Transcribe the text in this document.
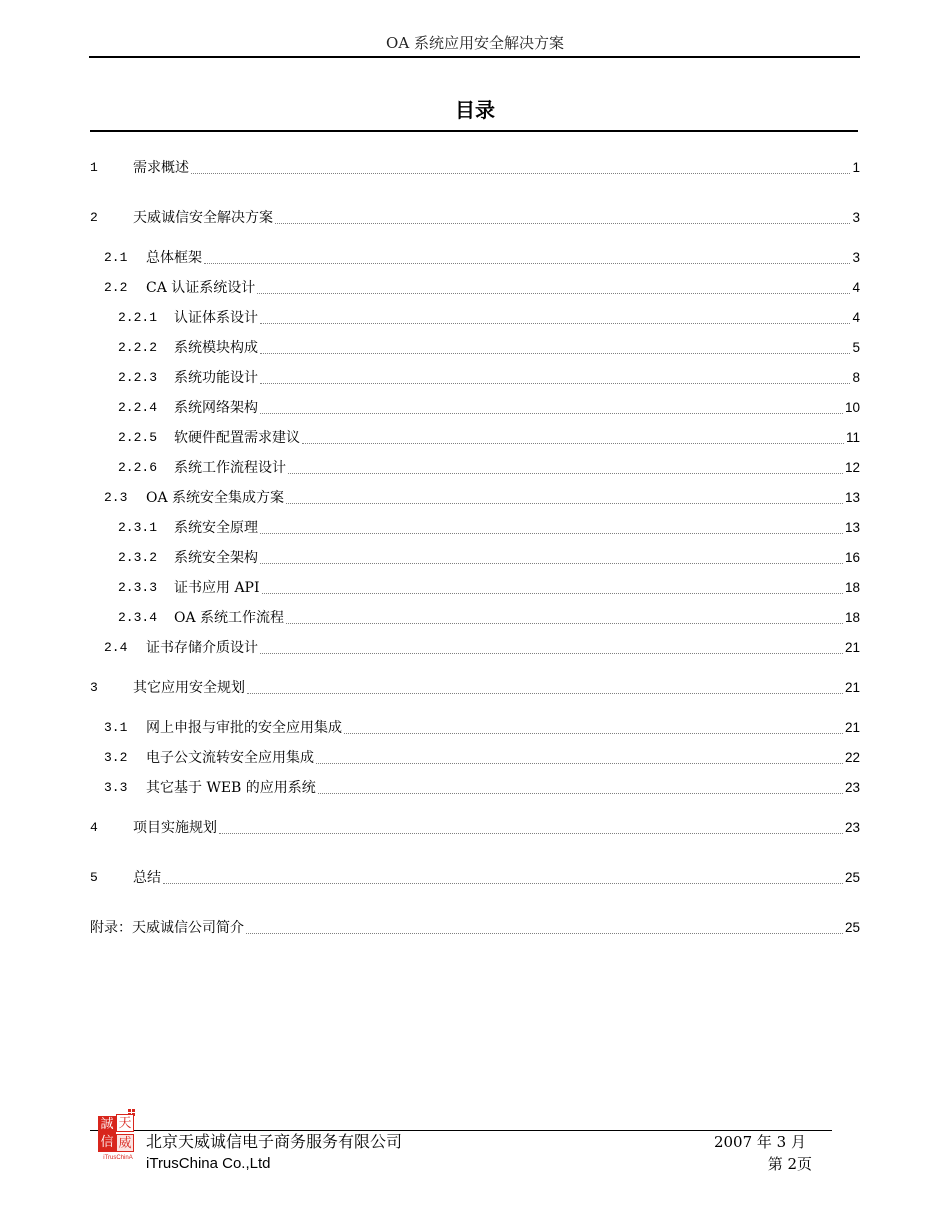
OA 系统应用安全解决方案
目录
1	需求概述	1
2	天威诚信安全解决方案	3
2.1	总体框架	3
2.2	CA 认证系统设计	4
2.2.1	认证体系设计	4
2.2.2	系统模块构成	5
2.2.3	系统功能设计	8
2.2.4	系统网络架构	10
2.2.5	软硬件配置需求建议	11
2.2.6	系统工作流程设计	12
2.3	OA 系统安全集成方案	13
2.3.1	系统安全原理	13
2.3.2	系统安全架构	16
2.3.3	证书应用 API	18
2.3.4	OA 系统工作流程	18
2.4	证书存储介质设计	21
3	其它应用安全规划	21
3.1	网上申报与审批的安全应用集成	21
3.2	电子公文流转安全应用集成	22
3.3	其它基于 WEB 的应用系统	23
4	项目实施规划	23
5	总结	25
附录：天威诚信公司简介	25
誠 天
信 威
iTrusChinA
北京天威诚信电子商务服务有限公司
iTrusChina Co.,Ltd
2007 年 3 月
第 2页
